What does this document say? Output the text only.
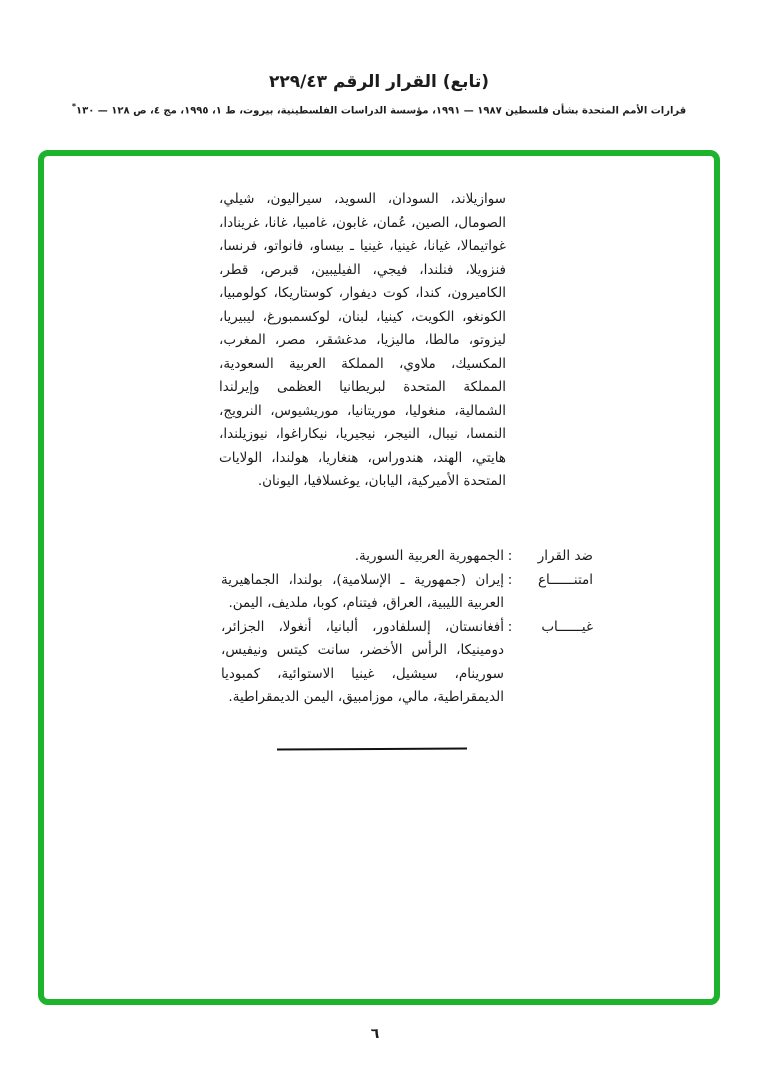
(تابع) القرار الرقم ٢٢٩/٤٣
قرارات الأمم المتحدة بشأن فلسطين ١٩٨٧ — ١٩٩١، مؤسسة الدراسات الفلسطينية، بيروت، ط ١، ١٩٩٥، مج ٤، ص ١٢٨ — ١٣٠*
سوازيلاند، السودان، السويد، سيراليون، شيلي، الصومال، الصين، عُمان، غابون، غامبيا، غانا، غرينادا، غواتيمالا، غيانا، غينيا، غينيا ـ بيساو، فانواتو، فرنسا، فنزويلا، فنلندا، فيجي، الفيليبين، قبرص، قطر، الكاميرون، كندا، كوت ديفوار، كوستاريكا، كولومبيا، الكونغو، الكويت، كينيا، لبنان، لوكسمبورغ، ليبيريا، ليزوتو، مالطا، ماليزيا، مدغشقر، مصر، المغرب، المكسيك، ملاوي، المملكة العربية السعودية، المملكة المتحدة لبريطانيا العظمى وإيرلندا الشمالية، منغوليا، موريتانيا، موريشيوس، النرويج، النمسا، نيبال، النيجر، نيجيريا، نيكاراغوا، نيوزيلندا، هايتي، الهند، هندوراس، هنغاريا، هولندا، الولايات المتحدة الأميركية، اليابان، يوغسلافيا، اليونان.
ضد القرار
:
الجمهورية العربية السورية.
امتنــــــاع
:
إيران (جمهورية ـ الإسلامية)، بولندا، الجماهيرية العربية الليبية، العراق، فيتنام، كوبا، ملديف، اليمن.
غيــــــاب
:
أفغانستان، إلسلفادور، ألبانيا، أنغولا، الجزائر، دومينيكا، الرأس الأخضر، سانت كيتس ونيفيس، سورينام، سيشيل، غينيا الاستوائية، كمبوديا الديمقراطية، مالي، موزامبيق، اليمن الديمقراطية.
٦
